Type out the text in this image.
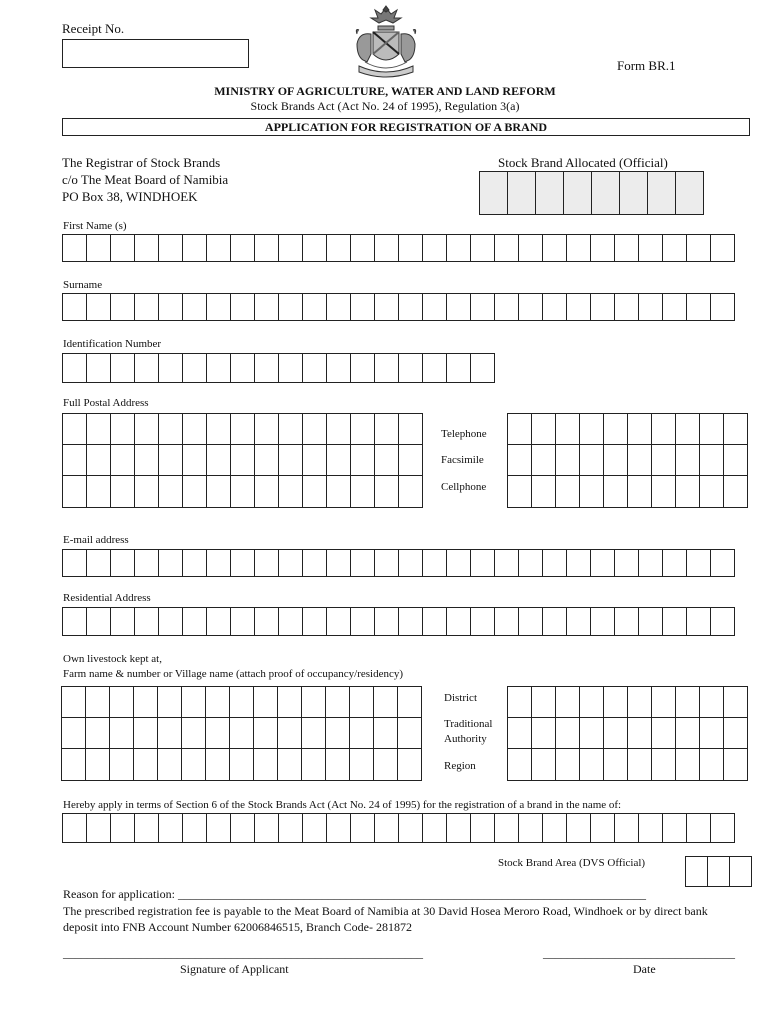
Receipt No.
Form BR.1
MINISTRY OF AGRICULTURE, WATER AND LAND REFORM
Stock Brands Act (Act No. 24 of 1995), Regulation 3(a)
APPLICATION FOR REGISTRATION OF A BRAND
The Registrar of Stock Brands
c/o The Meat Board of Namibia
PO Box 38, WINDHOEK
Stock Brand Allocated (Official)
First Name (s)
Surname
Identification Number
Full Postal Address
Telephone
Facsimile
Cellphone
E-mail address
Residential Address
Own livestock kept at,
Farm name & number or Village name (attach proof of occupancy/residency)
District
Traditional
Authority
Region
Hereby apply in terms of Section 6 of the Stock Brands Act (Act No. 24 of 1995) for the registration of a brand in the name of:
Stock Brand Area (DVS Official)
Reason for application: ______________________________________________________________________________
The prescribed registration fee is payable to the Meat Board of Namibia at 30 David Hosea Meroro Road, Windhoek or by direct bank
deposit into FNB Account Number 62006846515, Branch Code- 281872
____________________________________________________________	________________________________
Signature of Applicant	Date
